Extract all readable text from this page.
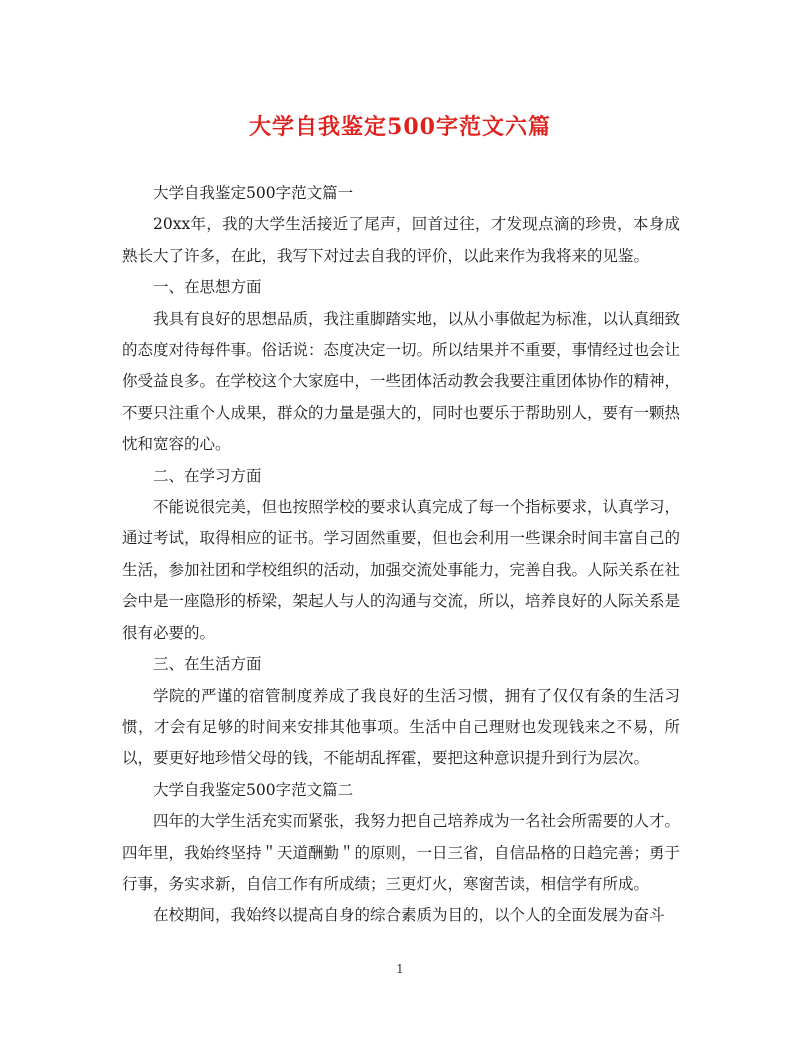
大学自我鉴定500字范文六篇

大学自我鉴定500字范文篇一

20xx年，我的大学生活接近了尾声，回首过往，才发现点滴的珍贵，本身成熟长大了许多，在此，我写下对过去自我的评价，以此来作为我将来的见鉴。

一、在思想方面

我具有良好的思想品质，我注重脚踏实地，以从小事做起为标准，以认真细致的态度对待每件事。俗话说：态度决定一切。所以结果并不重要，事情经过也会让你受益良多。在学校这个大家庭中，一些团体活动教会我要注重团体协作的精神，不要只注重个人成果，群众的力量是强大的，同时也要乐于帮助别人，要有一颗热忱和宽容的心。

二、在学习方面

不能说很完美，但也按照学校的要求认真完成了每一个指标要求，认真学习，通过考试，取得相应的证书。学习固然重要，但也会利用一些课余时间丰富自己的生活，参加社团和学校组织的活动，加强交流处事能力，完善自我。人际关系在社会中是一座隐形的桥梁，架起人与人的沟通与交流，所以，培养良好的人际关系是很有必要的。

三、在生活方面

学院的严谨的宿管制度养成了我良好的生活习惯，拥有了仅仅有条的生活习惯，才会有足够的时间来安排其他事项。生活中自己理财也发现钱来之不易，所以，要更好地珍惜父母的钱，不能胡乱挥霍，要把这种意识提升到行为层次。

大学自我鉴定500字范文篇二

四年的大学生活充实而紧张，我努力把自己培养成为一名社会所需要的人才。四年里，我始终坚持＂天道酬勤＂的原则，一日三省，自信品格的日趋完善；勇于行事，务实求新，自信工作有所成绩；三更灯火，寒窗苦读，相信学有所成。

在校期间，我始终以提高自身的综合素质为目的，以个人的全面发展为奋斗

1
